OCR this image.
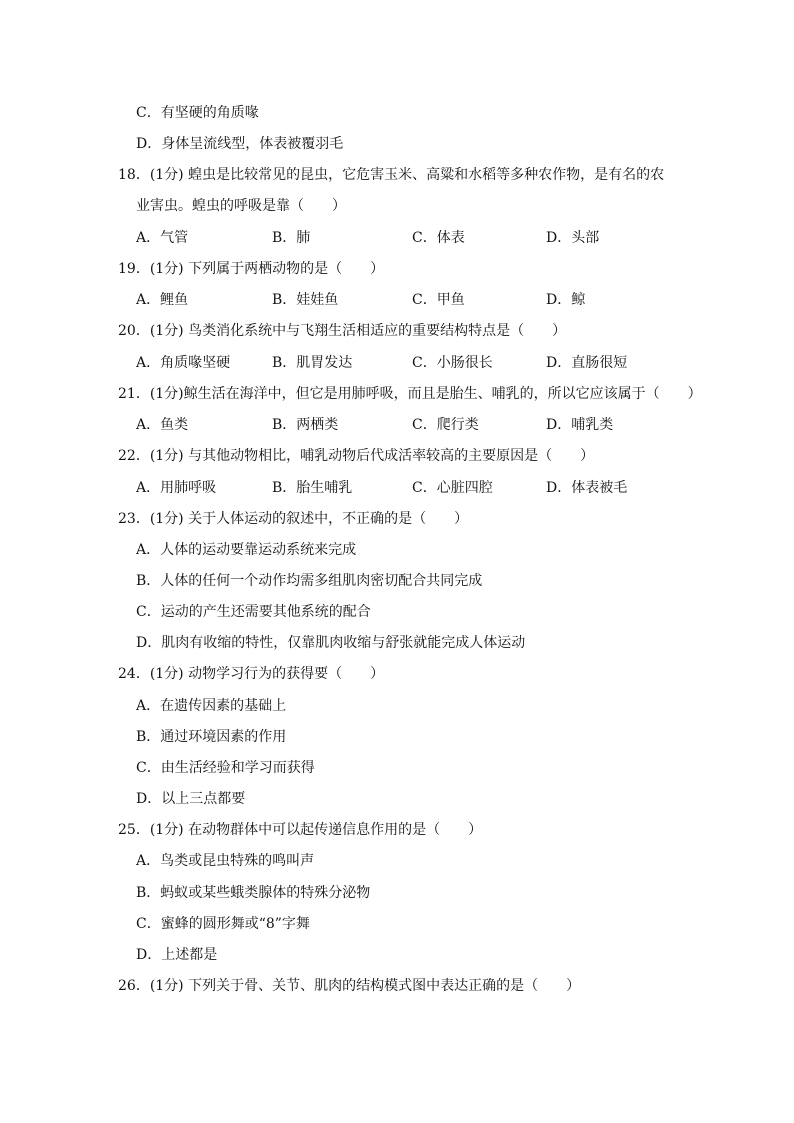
C．有坚硬的角质喙
D．身体呈流线型，体表被覆羽毛
18．(1分) 蝗虫是比较常见的昆虫，它危害玉米、高粱和水稻等多种农作物，是有名的农
业害虫。蝗虫的呼吸是靠（　　）
A．气管	B．肺	C．体表	D．头部
19．(1分) 下列属于两栖动物的是（　　）
A．鲤鱼	B．娃娃鱼	C．甲鱼	D．鲸
20．(1分) 鸟类消化系统中与飞翔生活相适应的重要结构特点是（　　）
A．角质喙坚硬	B．肌胃发达	C．小肠很长	D．直肠很短
21．(1分)鲸生活在海洋中，但它是用肺呼吸，而且是胎生、哺乳的，所以它应该属于（　　）
A．鱼类	B．两栖类	C．爬行类	D．哺乳类
22．(1分) 与其他动物相比，哺乳动物后代成活率较高的主要原因是（　　）
A．用肺呼吸	B．胎生哺乳	C．心脏四腔	D．体表被毛
23．(1分) 关于人体运动的叙述中，不正确的是（　　）
A．人体的运动要靠运动系统来完成
B．人体的任何一个动作均需多组肌肉密切配合共同完成
C．运动的产生还需要其他系统的配合
D．肌肉有收缩的特性，仅靠肌肉收缩与舒张就能完成人体运动
24．(1分) 动物学习行为的获得要（　　）
A．在遗传因素的基础上
B．通过环境因素的作用
C．由生活经验和学习而获得
D．以上三点都要
25．(1分) 在动物群体中可以起传递信息作用的是（　　）
A．鸟类或昆虫特殊的鸣叫声
B．蚂蚁或某些蛾类腺体的特殊分泌物
C．蜜蜂的圆形舞或“8”字舞
D．上述都是
26．(1分) 下列关于骨、关节、肌肉的结构模式图中表达正确的是（　　）
